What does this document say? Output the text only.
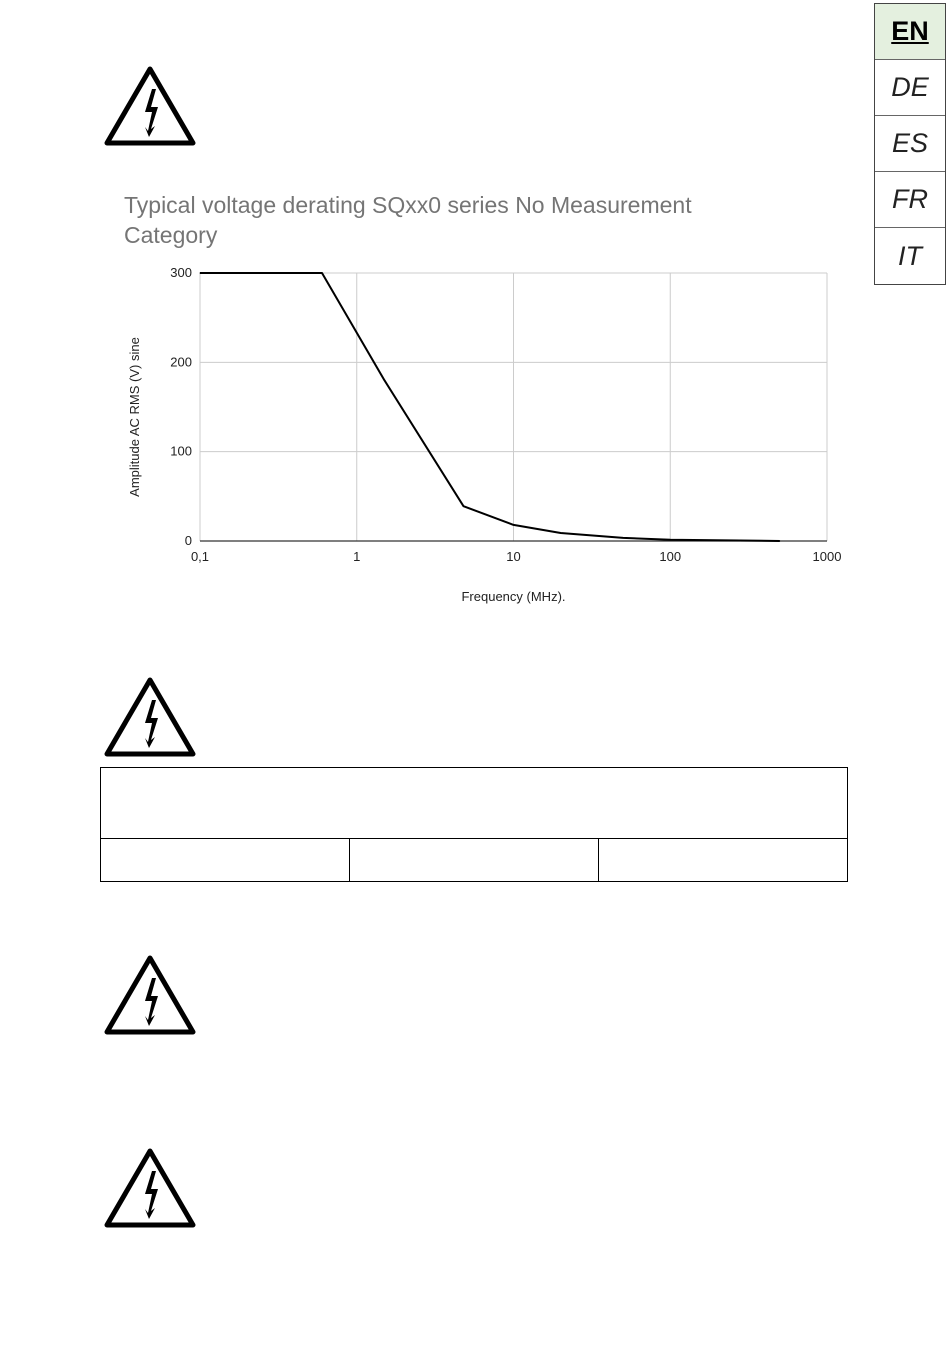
EN
DE
ES
FR
IT
Typical voltage derating SQxx0 series No Measurement Category
0
100
200
300
0,1	1	10	100	1000
Frequency (MHz).
Amplitude AC RMS (V) sine
